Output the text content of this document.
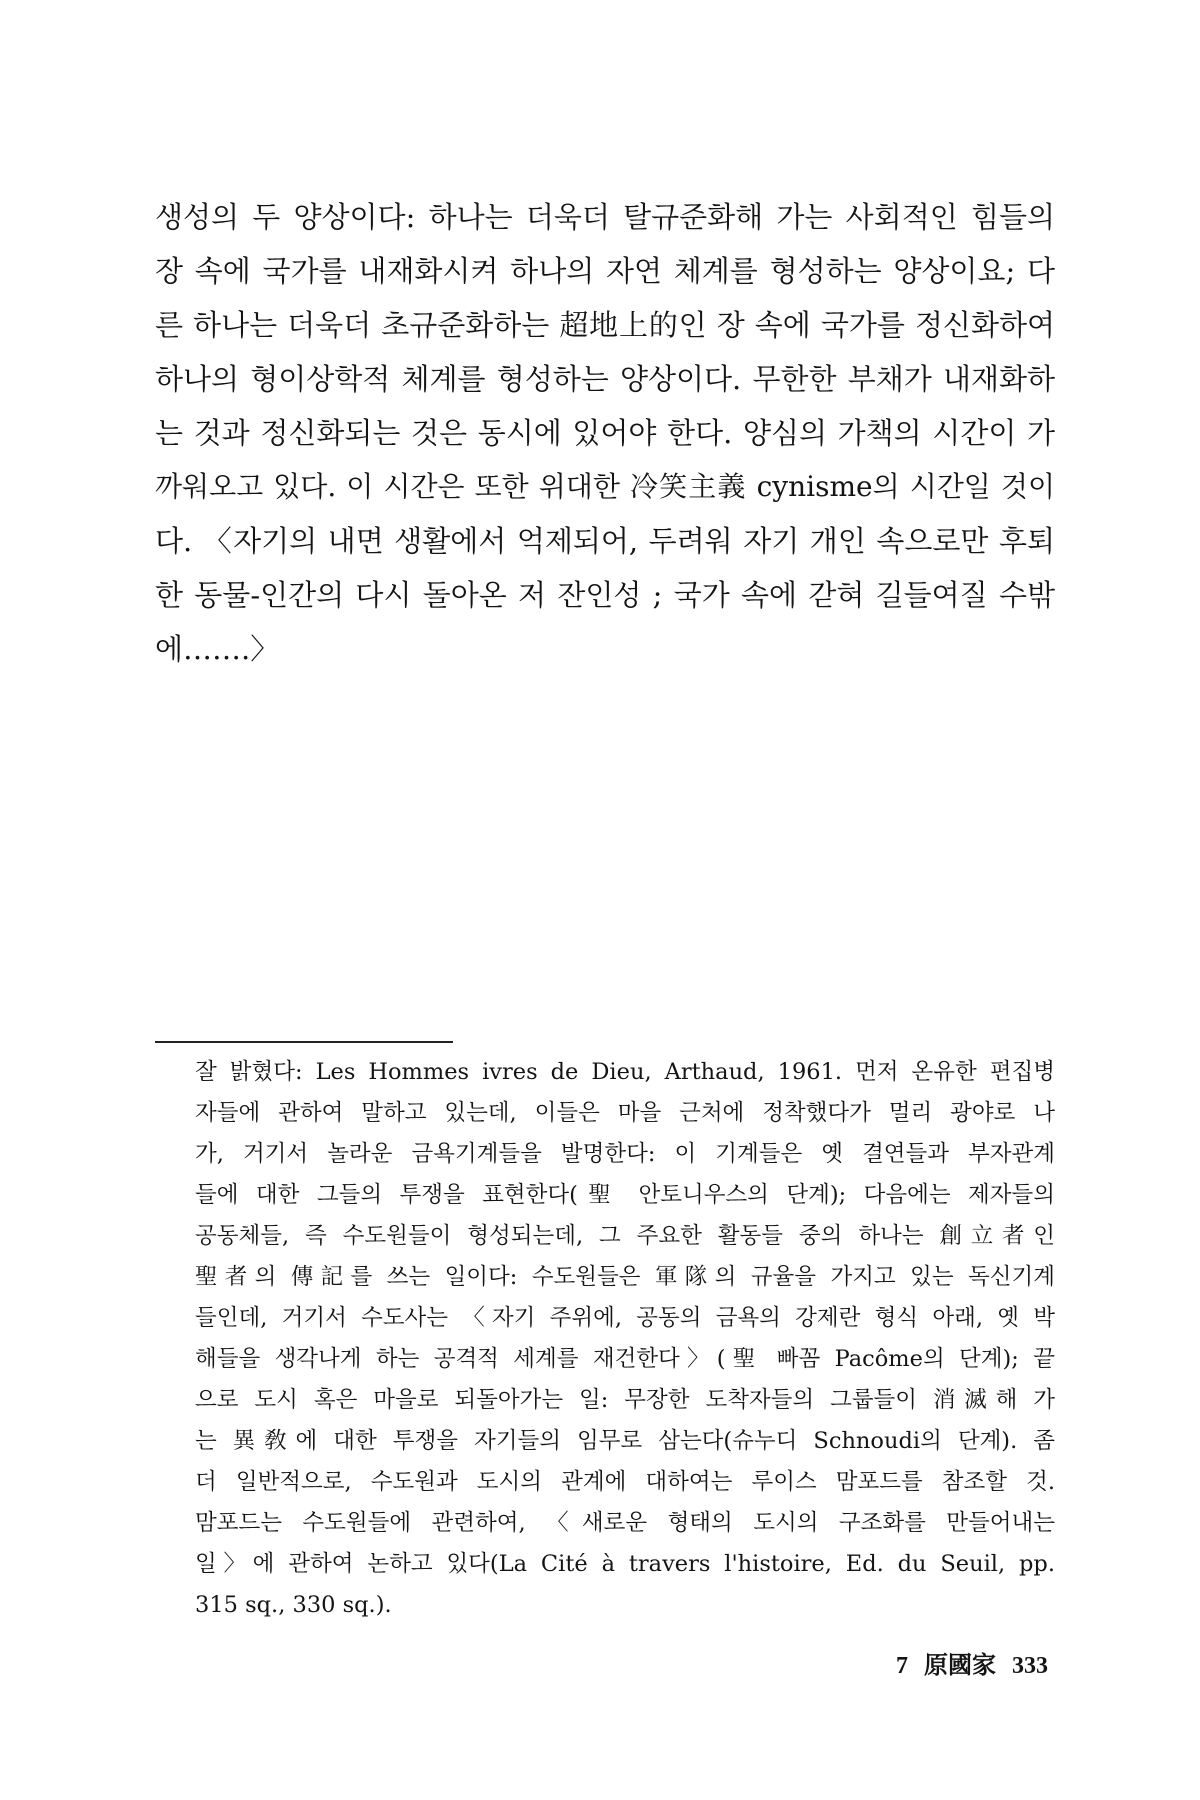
생성의 두 양상이다: 하나는 더욱더 탈규준화해 가는 사회적인 힘들의
장 속에 국가를 내재화시켜 하나의 자연 체계를 형성하는 양상이요; 다
른 하나는 더욱더 초규준화하는 超地上的인 장 속에 국가를 정신화하여
하나의 형이상학적 체계를 형성하는 양상이다. 무한한 부채가 내재화하
는 것과 정신화되는 것은 동시에 있어야 한다. 양심의 가책의 시간이 가
까워오고 있다. 이 시간은 또한 위대한 冷笑主義 cynisme의 시간일 것이
다. 〈자기의 내면 생활에서 억제되어, 두려워 자기 개인 속으로만 후퇴
한 동물-인간의 다시 돌아온 저 잔인성 ; 국가 속에 갇혀 길들여질 수밖
에…….〉
잘 밝혔다: Les Hommes ivres de Dieu, Arthaud, 1961. 먼저 온유한 편집병
자들에 관하여 말하고 있는데, 이들은 마을 근처에 정착했다가 멀리 광야로 나
가, 거기서 놀라운 금욕기계들을 발명한다: 이 기계들은 옛 결연들과 부자관계
들에 대한 그들의 투쟁을 표현한다(聖 안토니우스의 단계); 다음에는 제자들의
공동체들, 즉 수도원들이 형성되는데, 그 주요한 활동들 중의 하나는 創立者인
聖者의 傳記를 쓰는 일이다: 수도원들은 軍隊의 규율을 가지고 있는 독신기계
들인데, 거기서 수도사는 〈자기 주위에, 공동의 금욕의 강제란 형식 아래, 옛 박
해들을 생각나게 하는 공격적 세계를 재건한다〉(聖 빠꼼 Pacôme의 단계); 끝
으로 도시 혹은 마을로 되돌아가는 일: 무장한 도착자들의 그룹들이 消滅해 가
는 異敎에 대한 투쟁을 자기들의 임무로 삼는다(슈누디 Schnoudi의 단계). 좀
더 일반적으로, 수도원과 도시의 관계에 대하여는 루이스 맘포드를 참조할 것.
맘포드는 수도원들에 관련하여, 〈새로운 형태의 도시의 구조화를 만들어내는
일〉에 관하여 논하고 있다(La Cité à travers l'histoire, Ed. du Seuil, pp.
315 sq., 330 sq.).
7 原國家 333
